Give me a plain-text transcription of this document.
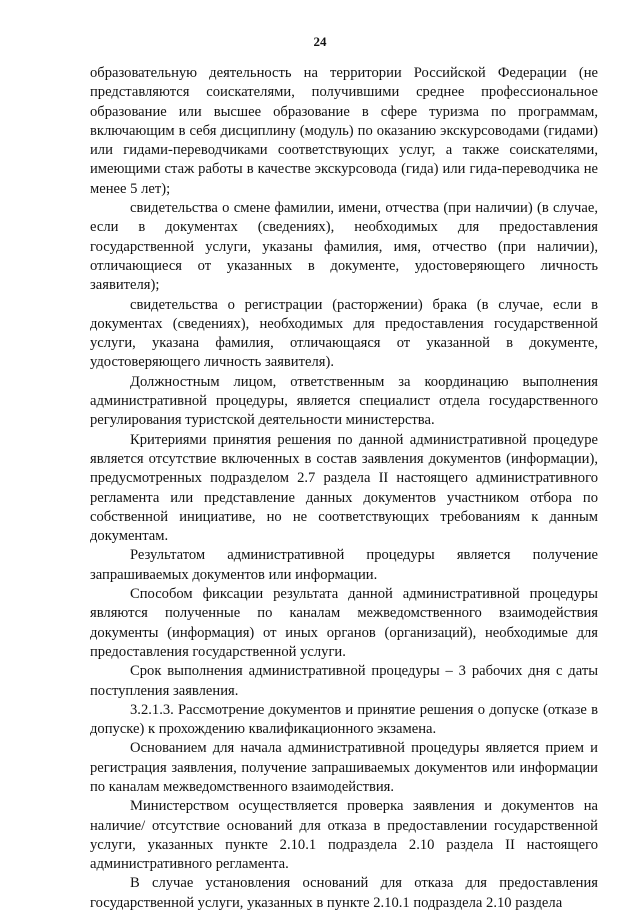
24

образовательную деятельность на территории Российской Федерации (не представляются соискателями, получившими среднее профессиональное образование или высшее образование в сфере туризма по программам, включающим в себя дисциплину (модуль) по оказанию экскурсоводами (гидами) или гидами-переводчиками соответствующих услуг, а также соискателями, имеющими стаж работы в качестве экскурсовода (гида) или гида-переводчика не менее 5 лет);

свидетельства о смене фамилии, имени, отчества (при наличии) (в случае, если в документах (сведениях), необходимых для предоставления государственной услуги, указаны фамилия, имя, отчество (при наличии), отличающиеся от указанных в документе, удостоверяющего личность заявителя);

свидетельства о регистрации (расторжении) брака (в случае, если в документах (сведениях), необходимых для предоставления государственной услуги, указана фамилия, отличающаяся от указанной в документе, удостоверяющего личность заявителя).

Должностным лицом, ответственным за координацию выполнения административной процедуры, является специалист отдела государственного регулирования туристской деятельности министерства.

Критериями принятия решения по данной административной процедуре является отсутствие включенных в состав заявления документов (информации), предусмотренных подразделом 2.7 раздела II настоящего административного регламента или представление данных документов участником отбора по собственной инициативе, но не соответствующих требованиям к данным документам.

Результатом административной процедуры является получение запрашиваемых документов или информации.

Способом фиксации результата данной административной процедуры являются полученные по каналам межведомственного взаимодействия документы (информация) от иных органов (организаций), необходимые для предоставления государственной услуги.

Срок выполнения административной процедуры – 3 рабочих дня с даты поступления заявления.

3.2.1.3. Рассмотрение документов и принятие решения о допуске (отказе в допуске) к прохождению квалификационного экзамена.

Основанием для начала административной процедуры является прием и регистрация заявления, получение запрашиваемых документов или информации по каналам межведомственного взаимодействия.

Министерством осуществляется проверка заявления и документов на наличие/ отсутствие оснований для отказа в предоставлении государственной услуги, указанных пункте 2.10.1 подраздела 2.10 раздела II настоящего административного регламента.

В случае установления оснований для отказа для предоставления государственной услуги, указанных в пункте 2.10.1 подраздела 2.10 раздела
